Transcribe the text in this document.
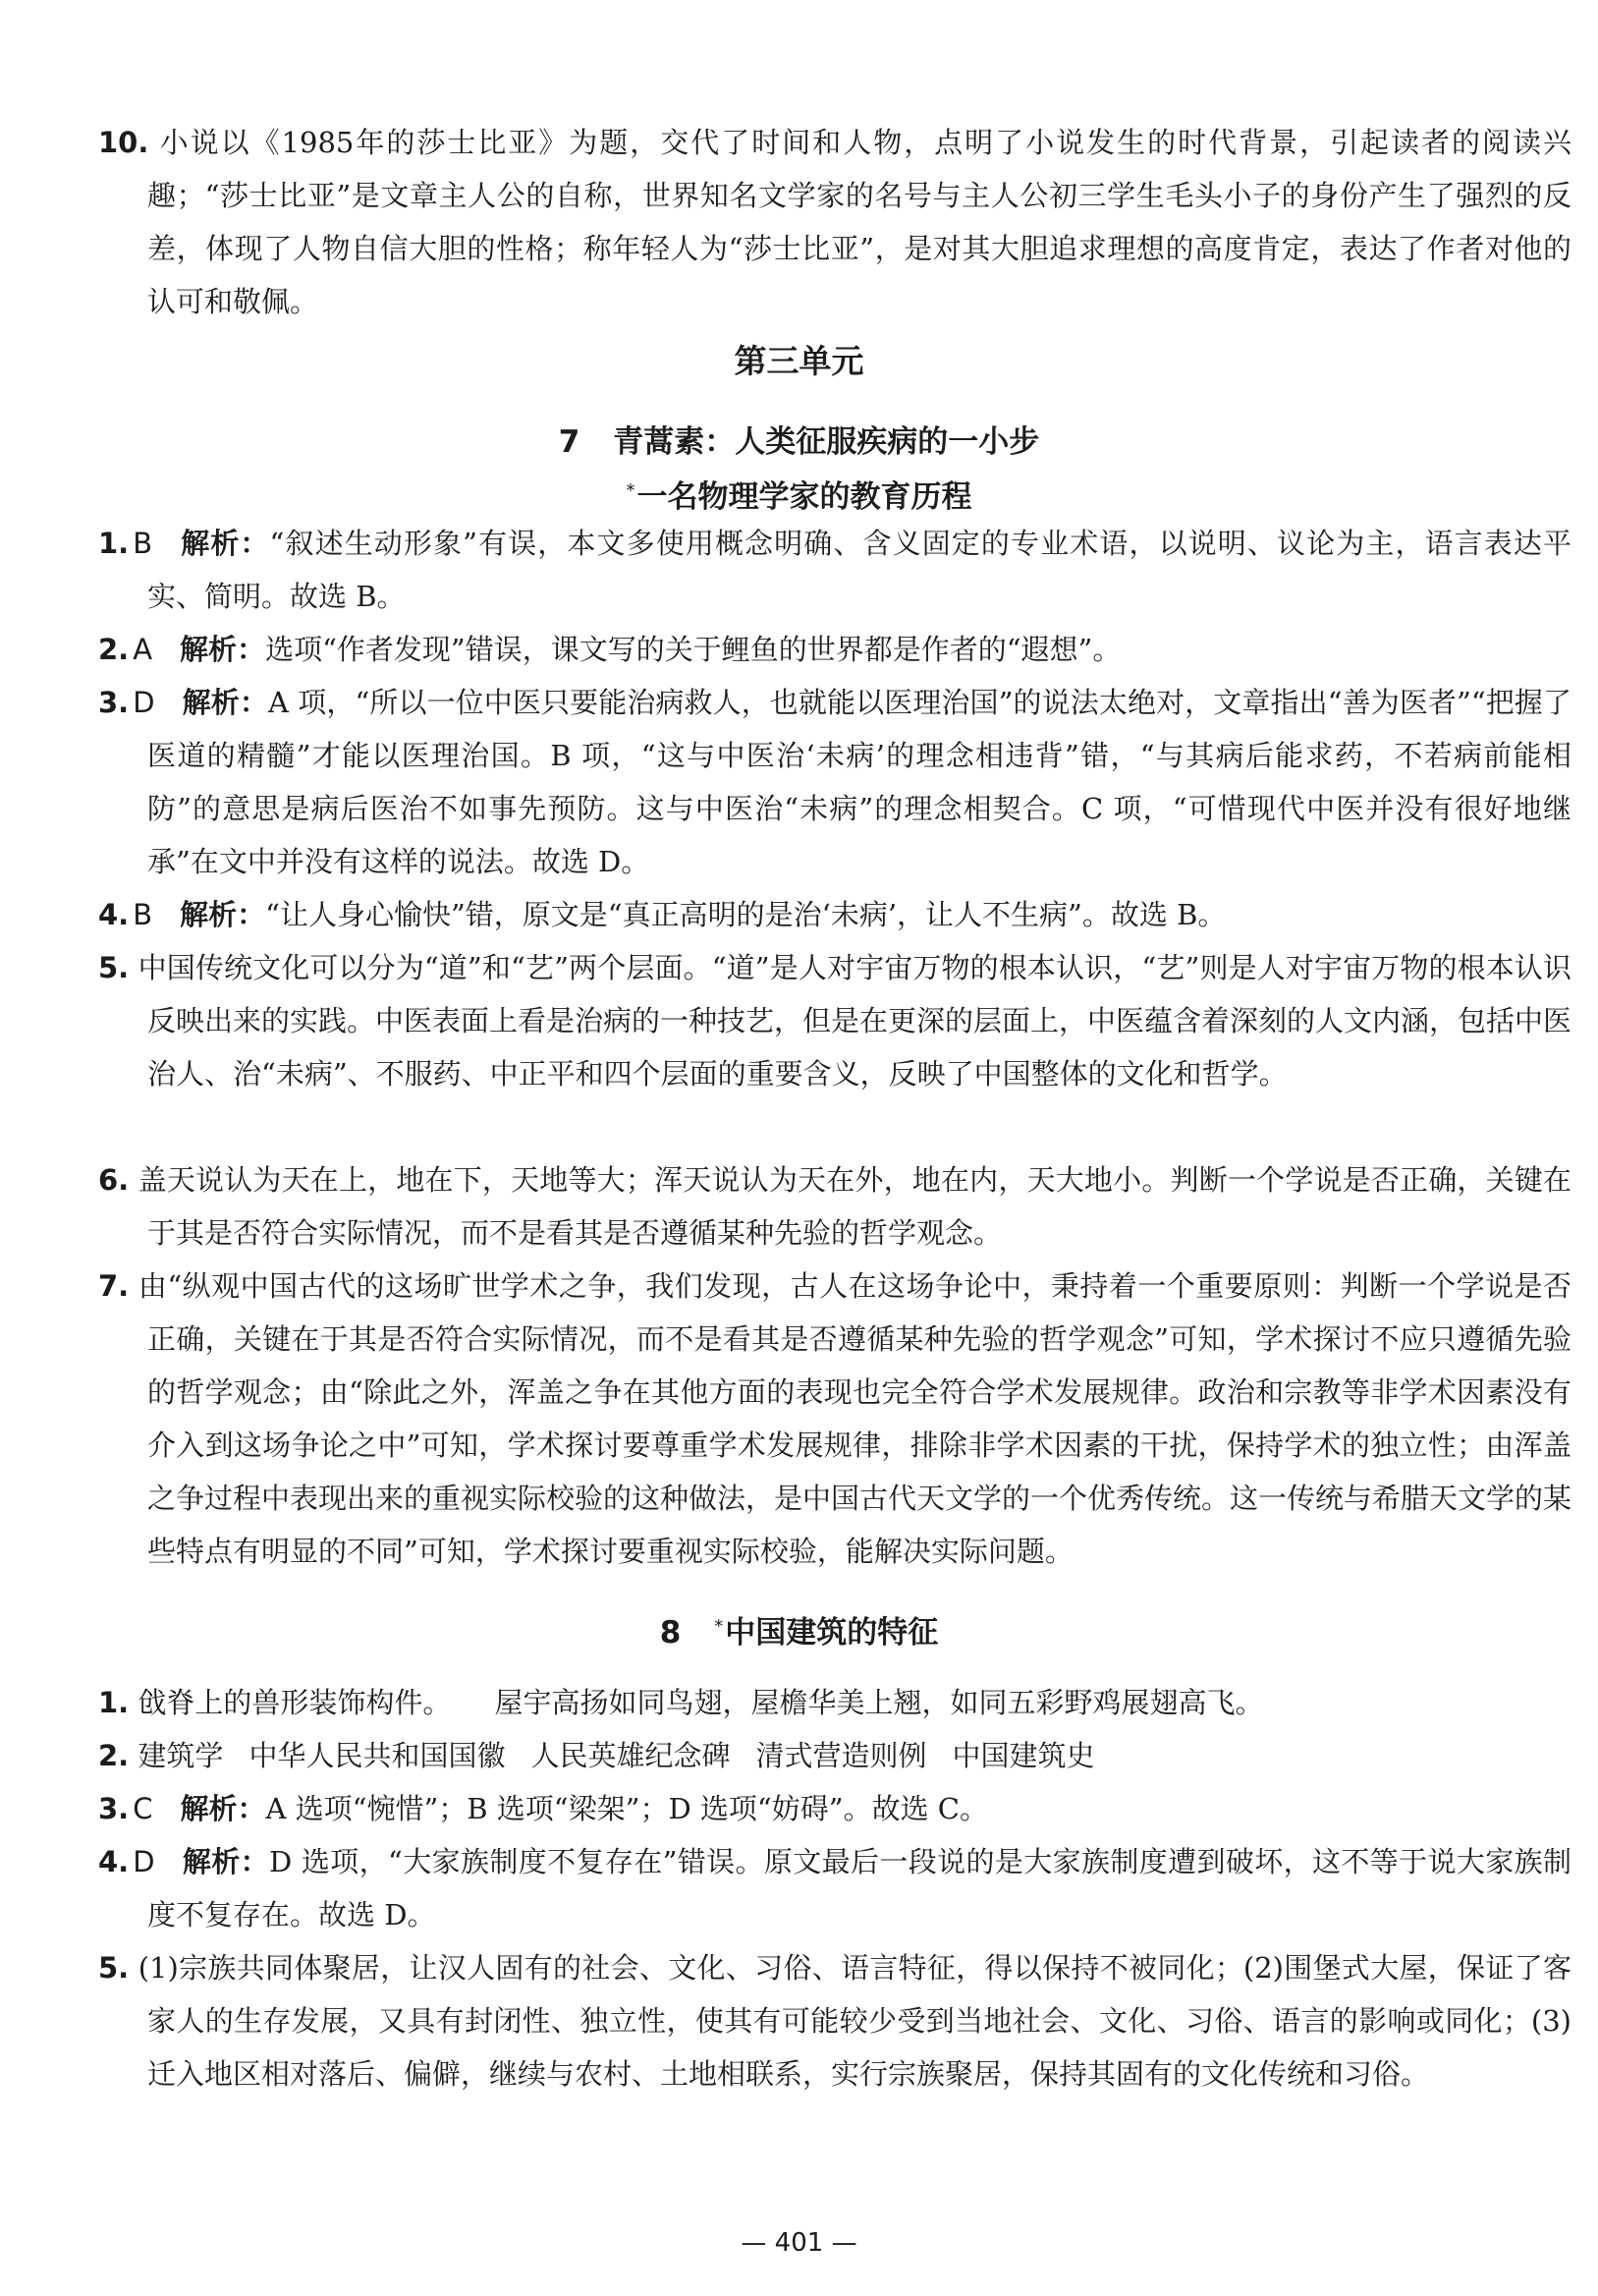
10. 小说以《1985年的莎士比亚》为题，交代了时间和人物，点明了小说发生的时代背景，引起读者的阅读兴趣；“莎士比亚”是文章主人公的自称，世界知名文学家的名号与主人公初三学生毛头小子的身份产生了强烈的反差，体现了人物自信大胆的性格；称年轻人为“莎士比亚”，是对其大胆追求理想的高度肯定，表达了作者对他的认可和敬佩。
第三单元
7 青蒿素：人类征服疾病的一小步
*一名物理学家的教育历程
1. B 解析：“叙述生动形象”有误，本文多使用概念明确、含义固定的专业术语，以说明、议论为主，语言表达平实、简明。故选 B。
2. A 解析：选项“作者发现”错误，课文写的关于鲤鱼的世界都是作者的“遐想”。
3. D 解析：A 项，“所以一位中医只要能治病救人，也就能以医理治国”的说法太绝对，文章指出“善为医者”“把握了医道的精髓”才能以医理治国。B 项，“这与中医治‘未病’的理念相违背”错，“与其病后能求药，不若病前能相防”的意思是病后医治不如事先预防。这与中医治“未病”的理念相契合。C 项，“可惜现代中医并没有很好地继承”在文中并没有这样的说法。故选 D。
4. B 解析：“让人身心愉快”错，原文是“真正高明的是治‘未病’，让人不生病”。故选 B。
5. 中国传统文化可以分为“道”和“艺”两个层面。“道”是人对宇宙万物的根本认识，“艺”则是人对宇宙万物的根本认识反映出来的实践。中医表面上看是治病的一种技艺，但是在更深的层面上，中医蕴含着深刻的人文内涵，包括中医治人、治“未病”、不服药、中正平和四个层面的重要含义，反映了中国整体的文化和哲学。
6. 盖天说认为天在上，地在下，天地等大；浑天说认为天在外，地在内，天大地小。判断一个学说是否正确，关键在于其是否符合实际情况，而不是看其是否遵循某种先验的哲学观念。
7. 由“纵观中国古代的这场旷世学术之争，我们发现，古人在这场争论中，秉持着一个重要原则：判断一个学说是否正确，关键在于其是否符合实际情况，而不是看其是否遵循某种先验的哲学观念”可知，学术探讨不应只遵循先验的哲学观念；由“除此之外，浑盖之争在其他方面的表现也完全符合学术发展规律。政治和宗教等非学术因素没有介入到这场争论之中”可知，学术探讨要尊重学术发展规律，排除非学术因素的干扰，保持学术的独立性；由浑盖之争过程中表现出来的重视实际校验的这种做法，是中国古代天文学的一个优秀传统。这一传统与希腊天文学的某些特点有明显的不同”可知，学术探讨要重视实际校验，能解决实际问题。
8 *中国建筑的特征
1. 戗脊上的兽形装饰构件。 屋宇高扬如同鸟翅，屋檐华美上翘，如同五彩野鸡展翅高飞。
2. 建筑学 中华人民共和国国徽 人民英雄纪念碑 清式营造则例 中国建筑史
3. C 解析：A 选项“惋惜”；B 选项“梁架”；D 选项“妨碍”。故选 C。
4. D 解析：D 选项，“大家族制度不复存在”错误。原文最后一段说的是大家族制度遭到破坏，这不等于说大家族制度不复存在。故选 D。
5. (1)宗族共同体聚居，让汉人固有的社会、文化、习俗、语言特征，得以保持不被同化；(2)围堡式大屋，保证了客家人的生存发展，又具有封闭性、独立性，使其有可能较少受到当地社会、文化、习俗、语言的影响或同化；(3)迁入地区相对落后、偏僻，继续与农村、土地相联系，实行宗族聚居，保持其固有的文化传统和习俗。
— 401 —
